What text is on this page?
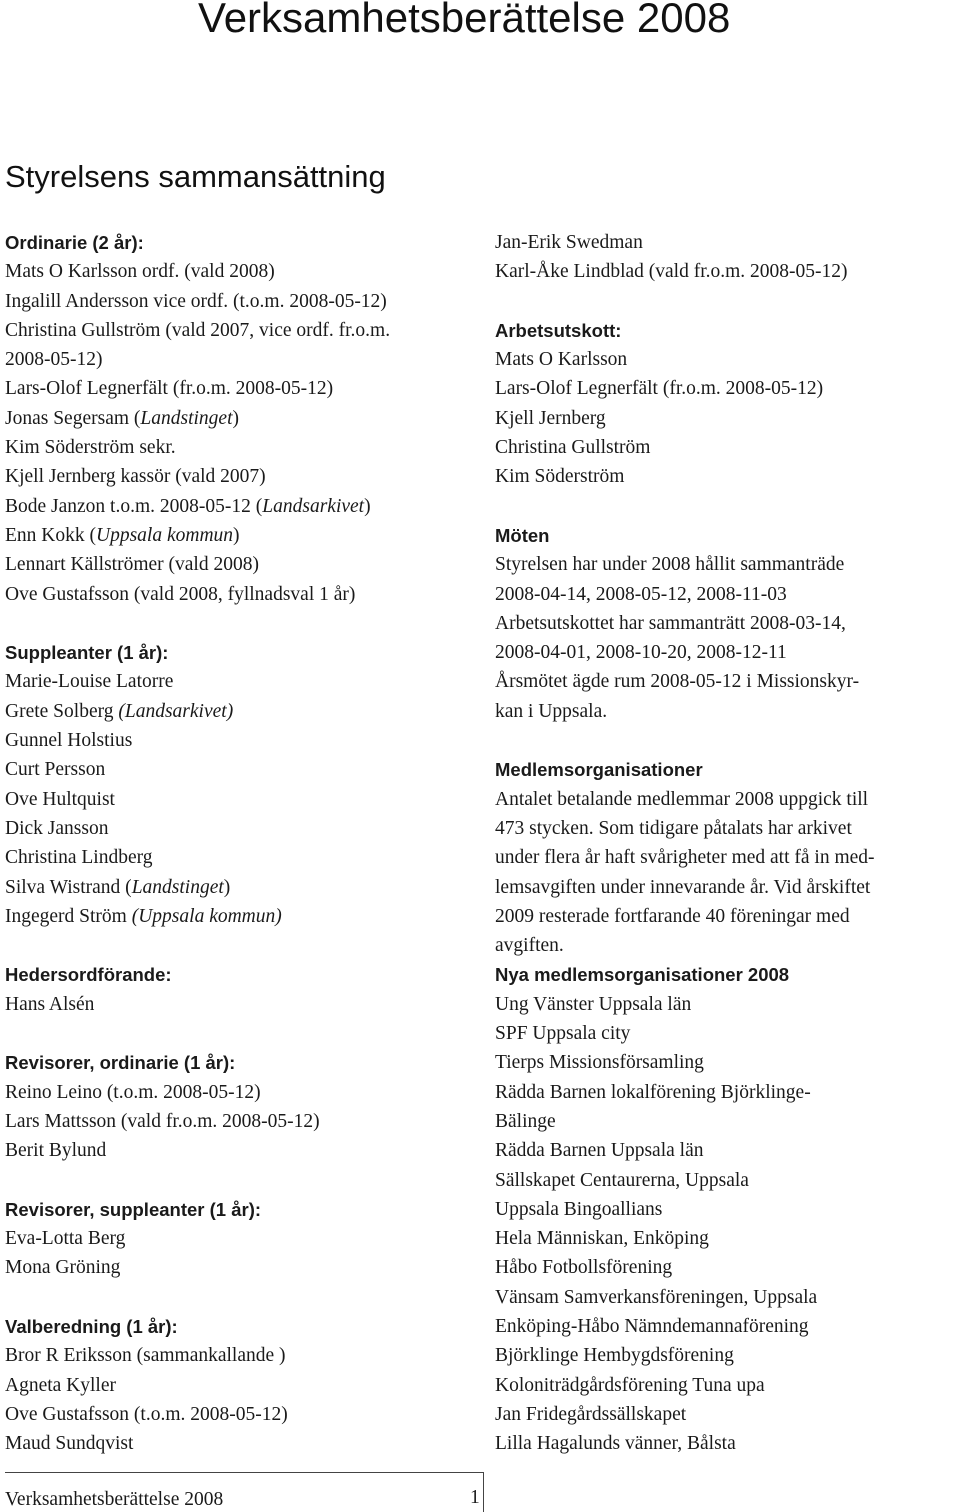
Verksamhetsberättelse 2008
Styrelsens sammansättning
Ordinarie (2 år):
Mats O Karlsson ordf. (vald 2008)
Ingalill Andersson vice ordf. (t.o.m. 2008-05-12)
Christina Gullström (vald 2007, vice ordf. fr.o.m.
2008-05-12)
Lars-Olof Legnerfält (fr.o.m. 2008-05-12)
Jonas Segersam (Landstinget)
Kim Söderström sekr.
Kjell Jernberg kassör (vald 2007)
Bode Janzon t.o.m. 2008-05-12 (Landsarkivet)
Enn Kokk (Uppsala kommun)
Lennart Källströmer (vald 2008)
Ove Gustafsson (vald 2008, fyllnadsval 1 år)
Suppleanter (1 år):
Marie-Louise Latorre
Grete Solberg (Landsarkivet)
Gunnel Holstius
Curt Persson
Ove Hultquist
Dick Jansson
Christina Lindberg
Silva Wistrand (Landstinget)
Ingegerd Ström (Uppsala kommun)
Hedersordförande:
Hans Alsén
Revisorer, ordinarie (1 år):
Reino Leino (t.o.m. 2008-05-12)
Lars Mattsson (vald fr.o.m. 2008-05-12)
Berit Bylund
Revisorer, suppleanter (1 år):
Eva-Lotta Berg
Mona Gröning
Valberedning (1 år):
Bror R Eriksson (sammankallande )
Agneta Kyller
Ove Gustafsson (t.o.m. 2008-05-12)
Maud Sundqvist
Jan-Erik Swedman
Karl-Åke Lindblad (vald fr.o.m. 2008-05-12)
Arbetsutskott:
Mats O Karlsson
Lars-Olof Legnerfält (fr.o.m. 2008-05-12)
Kjell Jernberg
Christina Gullström
Kim Söderström
Möten
Styrelsen har under 2008 hållit sammanträde
2008-04-14, 2008-05-12, 2008-11-03
Arbetsutskottet har sammanträtt 2008-03-14,
2008-04-01, 2008-10-20, 2008-12-11
Årsmötet ägde rum 2008-05-12 i Missionskyr-
kan i Uppsala.
Medlemsorganisationer
Antalet betalande medlemmar 2008 uppgick till
473 stycken. Som tidigare påtalats har arkivet
under flera år haft svårigheter med att få in med-
lemsavgiften under innevarande år. Vid årskiftet
2009 resterade fortfarande 40 föreningar med
avgiften.
Nya medlemsorganisationer 2008
Ung Vänster Uppsala län
SPF Uppsala city
Tierps Missionsförsamling
Rädda Barnen lokalförening Björklinge-
Bälinge
Rädda Barnen Uppsala län
Sällskapet Centaurerna, Uppsala
Uppsala Bingoallians
Hela Människan, Enköping
Håbo Fotbollsförening
Vänsam Samverkansföreningen, Uppsala
Enköping-Håbo Nämndemannaförening
Björklinge Hembygdsförening
Koloniträdgårdsförening Tuna upa
Jan Fridegårdssällskapet
Lilla Hagalunds vänner, Bålsta
Verksamhetsberättelse 2008	1
